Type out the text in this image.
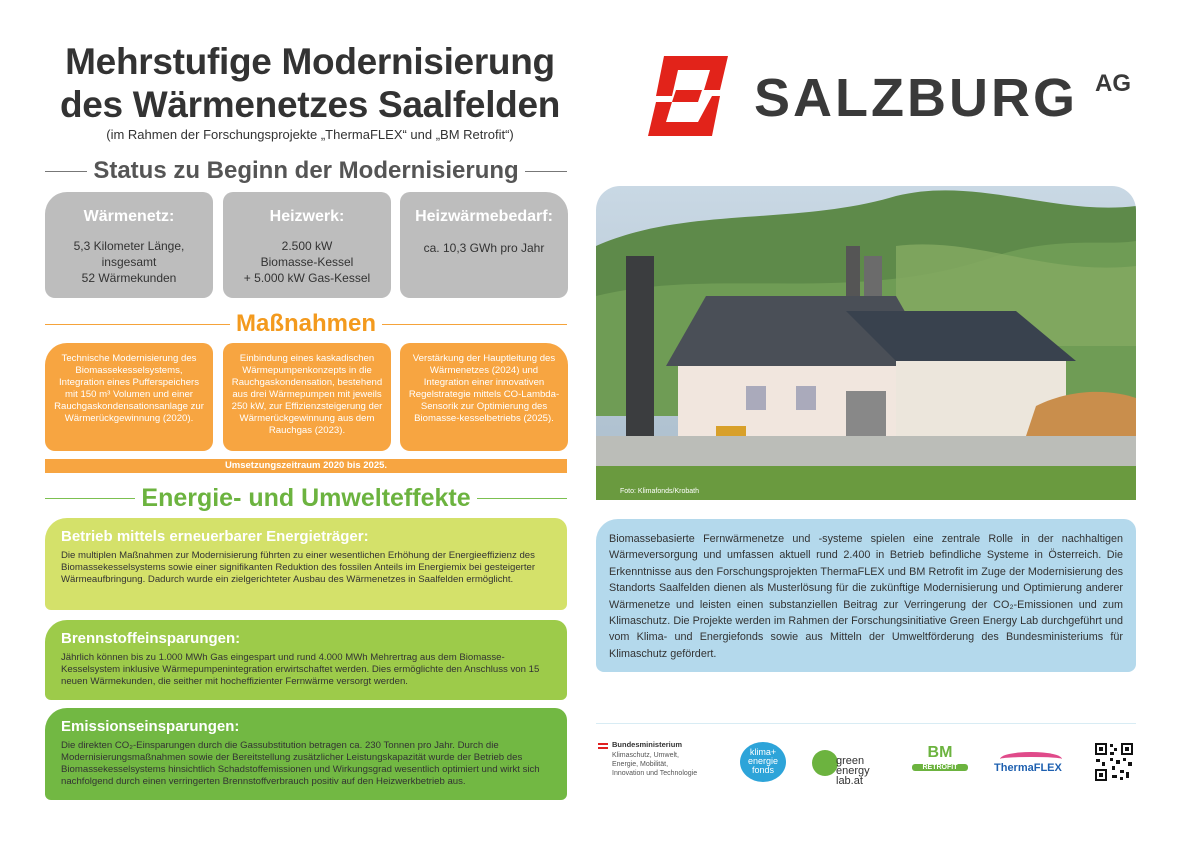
Mehrstufige Modernisierung
des Wärmenetzes Saalfelden
(im Rahmen der Forschungsprojekte „ThermaFLEX“ und „BM Retrofit“)
SALZBURG AG
Status zu Beginn der Modernisierung
Wärmenetz:
5,3 Kilometer Länge,
insgesamt
52 Wärmekunden
Heizwerk:
2.500 kW
Biomasse-Kessel
+ 5.000 kW Gas-Kessel
Heizwärmebedarf:
ca. 10,3 GWh pro Jahr
Maßnahmen
Technische Modernisierung des Biomassekesselsystems, Integration eines Pufferspeichers mit 150 m³ Volumen und einer Rauchgaskondensationsanlage zur Wärmerückgewinnung (2020).
Einbindung eines kaskadischen Wärmepumpenkonzepts in die Rauchgaskondensation, bestehend aus drei Wärmepumpen mit jeweils 250 kW, zur Effizienzsteigerung der Wärmerückgewinnung aus dem Rauchgas (2023).
Verstärkung der Hauptleitung des Wärmenetzes (2024) und Integration einer innovativen Regelstrategie mittels CO-Lambda-Sensorik zur Optimierung des Biomasse-kesselbetriebs (2025).
Umsetzungszeitraum 2020 bis 2025.
Energie- und Umwelteffekte
Betrieb mittels erneuerbarer Energieträger:
Die multiplen Maßnahmen zur Modernisierung führten zu einer wesentlichen Erhöhung der Energieeffizienz des Biomassekesselsystems sowie einer signifikanten Reduktion des fossilen Anteils im Energiemix bei gesteigerter Wärmeaufbringung. Dadurch wurde ein zielgerichteter Ausbau des Wärmenetzes in Saalfelden ermöglicht.
Brennstoffeinsparungen:
Jährlich können bis zu 1.000 MWh Gas eingespart und rund 4.000 MWh Mehrertrag aus dem Biomasse-Kesselsystem inklusive Wärmepumpenintegration erwirtschaftet werden. Dies ermöglichte den Anschluss von 15 neuen Wärmekunden, die seither mit hocheffizienter Fernwärme versorgt werden.
Emissionseinsparungen:
Die direkten CO₂-Einsparungen durch die Gassubstitution betragen ca. 230 Tonnen pro Jahr. Durch die Modernisierungsmaßnahmen sowie der Bereitstellung zusätzlicher Leistungskapazität wurde der Betrieb des Biomassekesselsystems hinsichtlich Schadstoffemissionen und Wirkungsgrad wesentlich optimiert und wirkt sich nachfolgend durch einen verringerten Brennstoffverbrauch positiv auf den Heizwerkbetrieb aus.
Foto: Klimafonds/Krobath
Biomassebasierte Fernwärmenetze und -systeme spielen eine zentrale Rolle in der nachhaltigen Wärmeversorgung und umfassen aktuell rund 2.400 in Betrieb befindliche Systeme in Österreich. Die Erkenntnisse aus den Forschungsprojekten ThermaFLEX und BM Retrofit im Zuge der Modernisierung des Standorts Saalfelden dienen als Musterlösung für die zukünftige Modernisierung und Optimierung anderer Wärmenetze und leisten einen substanziellen Beitrag zur Verringerung der CO₂-Emissionen und zum Klimaschutz. Die Projekte werden im Rahmen der Forschungsinitiative Green Energy Lab durchgeführt und vom Klima- und Energiefonds sowie aus Mitteln der Umweltförderung des Bundesministeriums für Klimaschutz gefördert.
Bundesministerium
Klimaschutz, Umwelt,
Energie, Mobilität,
Innovation und Technologie
klima+
energie
fonds
green
energy
lab.at
BM
RETROFIT	ThermaFLEX
